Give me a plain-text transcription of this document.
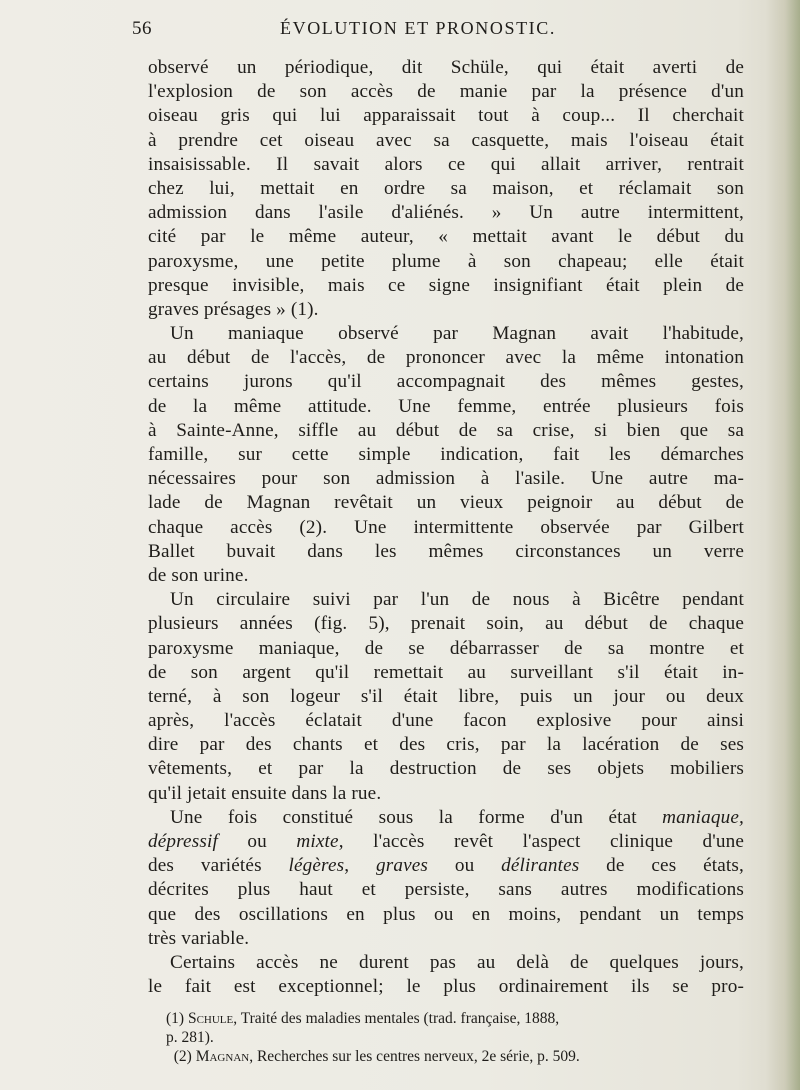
56	ÉVOLUTION ET PRONOSTIC.
observé un périodique, dit Schüle, qui était averti de
l'explosion de son accès de manie par la présence d'un
oiseau gris qui lui apparaissait tout à coup... Il cherchait
à prendre cet oiseau avec sa casquette, mais l'oiseau était
insaisissable. Il savait alors ce qui allait arriver, rentrait
chez lui, mettait en ordre sa maison, et réclamait son
admission dans l'asile d'aliénés. » Un autre intermittent,
cité par le même auteur, « mettait avant le début du
paroxysme, une petite plume à son chapeau; elle était
presque invisible, mais ce signe insignifiant était plein de
graves présages » (1).
Un maniaque observé par Magnan avait l'habitude,
au début de l'accès, de prononcer avec la même intonation
certains jurons qu'il accompagnait des mêmes gestes,
de la même attitude. Une femme, entrée plusieurs fois
à Sainte-Anne, siffle au début de sa crise, si bien que sa
famille, sur cette simple indication, fait les démarches
nécessaires pour son admission à l'asile. Une autre ma-
lade de Magnan revêtait un vieux peignoir au début de
chaque accès (2). Une intermittente observée par Gilbert
Ballet buvait dans les mêmes circonstances un verre
de son urine.
Un circulaire suivi par l'un de nous à Bicêtre pendant
plusieurs années (fig. 5), prenait soin, au début de chaque
paroxysme maniaque, de se débarrasser de sa montre et
de son argent qu'il remettait au surveillant s'il était in-
terné, à son logeur s'il était libre, puis un jour ou deux
après, l'accès éclatait d'une facon explosive pour ainsi
dire par des chants et des cris, par la lacération de ses
vêtements, et par la destruction de ses objets mobiliers
qu'il jetait ensuite dans la rue.
Une fois constitué sous la forme d'un état maniaque,
dépressif ou mixte, l'accès revêt l'aspect clinique d'une
des variétés légères, graves ou délirantes de ces états,
décrites plus haut et persiste, sans autres modifications
que des oscillations en plus ou en moins, pendant un temps
très variable.
Certains accès ne durent pas au delà de quelques jours,
le fait est exceptionnel; le plus ordinairement ils se pro-
(1) Schule, Traité des maladies mentales (trad. française, 1888,
p. 281).
(2) Magnan, Recherches sur les centres nerveux, 2e série, p. 509.
